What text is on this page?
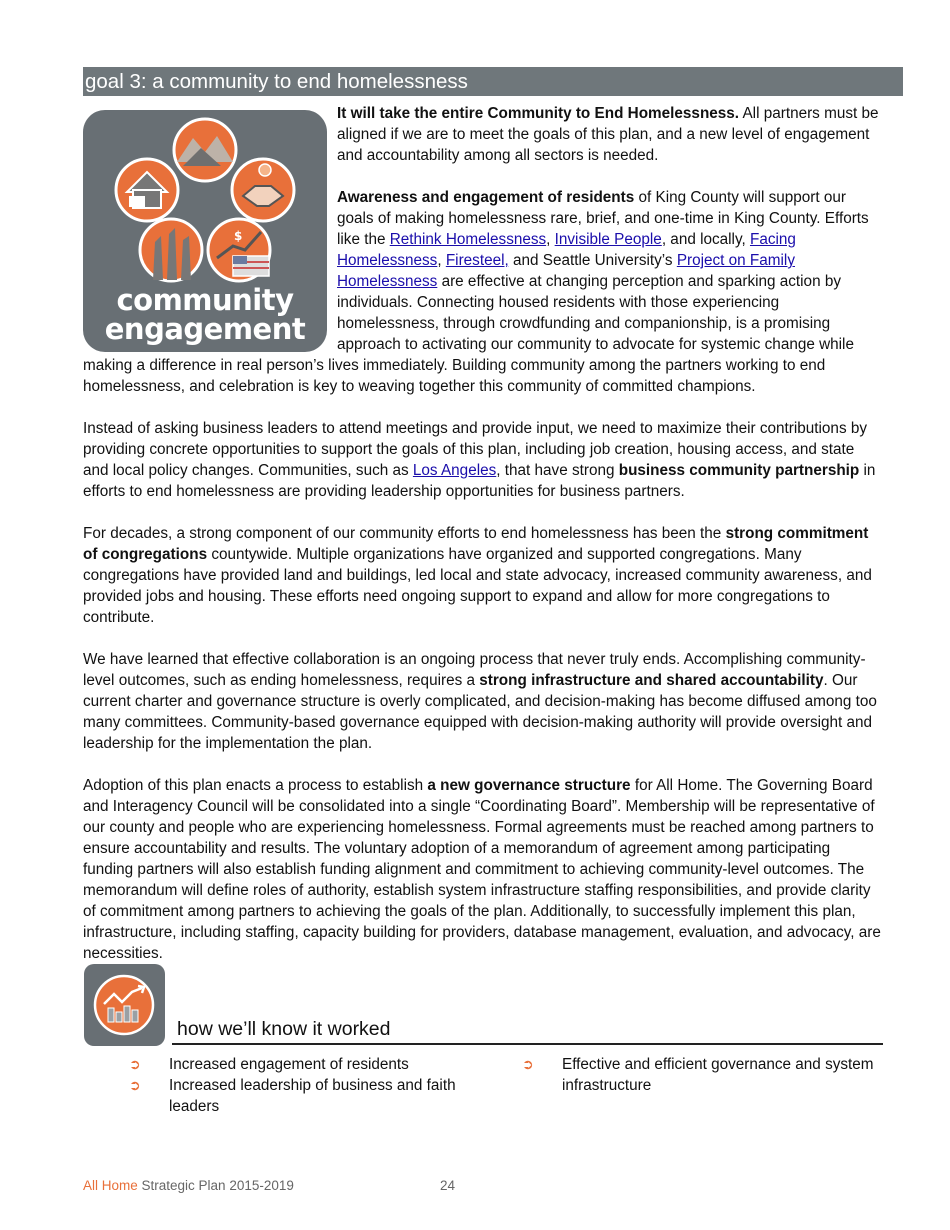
goal 3: a community to end homelessness
$
community
engagement

It will take the entire Community to End Homelessness. All partners must be aligned if we are to meet the goals of this plan, and a new level of engagement and accountability among all sectors is needed.

Awareness and engagement of residents of King County will support our goals of making homelessness rare, brief, and one-time in King County. Efforts like the Rethink Homelessness, Invisible People, and locally, Facing Homelessness, Firesteel, and Seattle University’s Project on Family Homelessness are effective at changing perception and sparking action by individuals. Connecting housed residents with those experiencing homelessness, through crowdfunding and companionship, is a promising approach to activating our community to advocate for systemic change while making a difference in real person’s lives immediately. Building community among the partners working to end homelessness, and celebration is key to weaving together this community of committed champions.

Instead of asking business leaders to attend meetings and provide input, we need to maximize their contributions by providing concrete opportunities to support the goals of this plan, including job creation, housing access, and state and local policy changes. Communities, such as Los Angeles, that have strong business community partnership in efforts to end homelessness are providing leadership opportunities for business partners.

For decades, a strong component of our community efforts to end homelessness has been the strong commitment of congregations countywide. Multiple organizations have organized and supported congregations. Many congregations have provided land and buildings, led local and state advocacy, increased community awareness, and provided jobs and housing. These efforts need ongoing support to expand and allow for more congregations to contribute.

We have learned that effective collaboration is an ongoing process that never truly ends. Accomplishing community-level outcomes, such as ending homelessness, requires a strong infrastructure and shared accountability. Our current charter and governance structure is overly complicated, and decision-making has become diffused among too many committees. Community-based governance equipped with decision-making authority will provide oversight and leadership for the implementation the plan.

Adoption of this plan enacts a process to establish a new governance structure for All Home. The Governing Board and Interagency Council will be consolidated into a single “Coordinating Board”. Membership will be representative of our county and people who are experiencing homelessness. Formal agreements must be reached among partners to ensure accountability and results. The voluntary adoption of a memorandum of agreement among participating funding partners will also establish funding alignment and commitment to achieving community-level outcomes. The memorandum will define roles of authority, establish system infrastructure staffing responsibilities, and provide clarity of commitment among partners to achieving the goals of the plan. Additionally, to successfully implement this plan, infrastructure, including staffing, capacity building for providers, database management, evaluation, and advocacy, are necessities.

how we’ll know it worked
➲ Increased engagement of residents
➲ Increased leadership of business and faith leaders
➲ Effective and efficient governance and system infrastructure
All Home Strategic Plan 2015-2019	24
